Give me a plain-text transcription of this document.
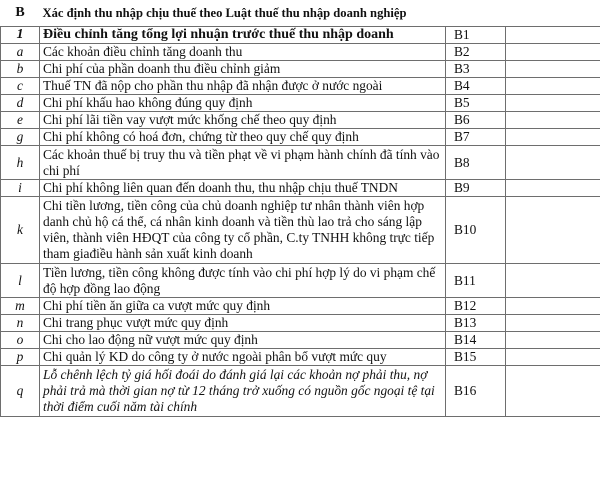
B	Xác định thu nhập chịu thuế theo Luật thuế thu nhập doanh nghiệp		
1	Điều chỉnh tăng tổng lợi nhuận trước thuế thu nhập doanh	B1	
a	Các khoản điều chỉnh tăng doanh thu	B2	
b	Chi phí của phần doanh thu điều chỉnh giảm	B3	
c	Thuế TN đã nộp cho phần thu nhập đã nhận được ở nước ngoài	B4	
d	Chi phí khấu hao không đúng quy định	B5	
e	Chi phí lãi tiền vay vượt mức khống chế theo quy định	B6	
g	Chi phí không có hoá đơn, chứng từ theo quy chế quy định	B7	
h	Các khoản thuế bị truy thu và tiền phạt về vi phạm hành chính đã tính vào chi phí	B8	
i	Chi phí không liên quan đến doanh thu, thu nhập chịu thuế TNDN	B9	
k	Chi tiền lương, tiền công của chủ doanh nghiệp tư nhân thành viên hợp danh chủ hộ cá thể, cá nhân kinh doanh và tiền thù lao trả cho sáng lập viên, thành viên HĐQT của công ty cổ phần, C.ty TNHH không trực tiếp tham giađiều hành sản xuất kinh doanh	B10	
l	Tiền lương, tiền công không được tính vào chi phí hợp lý do vi phạm chế độ hợp đồng lao động	B11	
m	Chi phí tiền ăn giữa ca vượt mức quy định	B12	
n	Chi trang phục vượt mức quy định	B13	
o	Chi cho lao động nữ vượt mức quy định	B14	
p	Chi quản lý KD do công ty ở nước ngoài phân bổ vượt mức quy	B15	
q	Lỗ chênh lệch tỷ giá hối đoái do đánh giá lại các khoản nợ phải thu, nợ phải trả mà thời gian nợ từ 12 tháng trở xuống có nguồn gốc ngoại tệ tại thời điểm cuối năm tài chính	B16	
